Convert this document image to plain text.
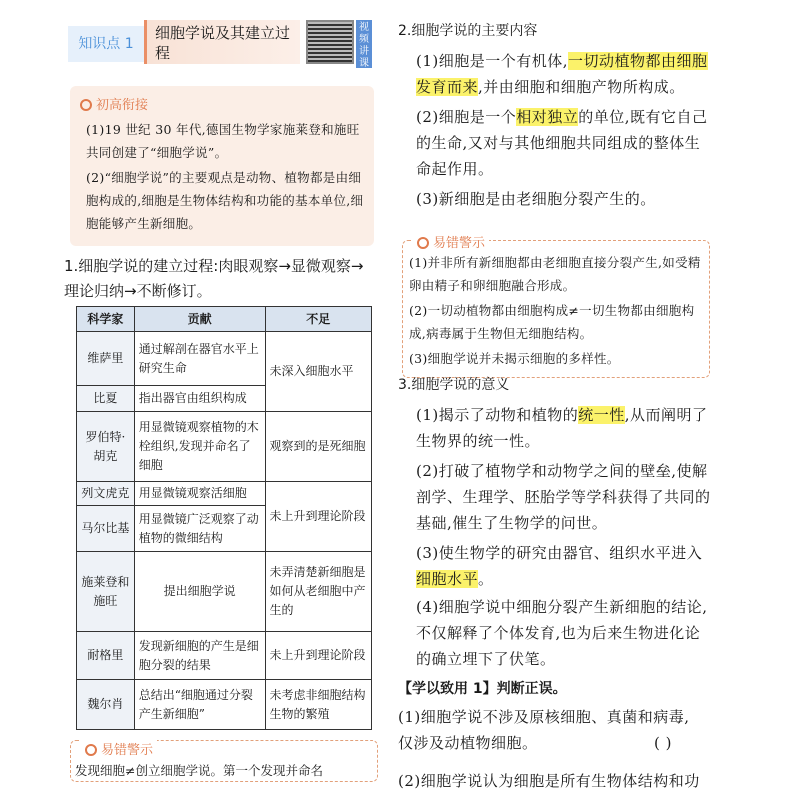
知识点 1
细胞学说及其建立过程
视频讲课
初高衔接
(1)19 世纪 30 年代,德国生物学家施莱登和施旺共同创建了“细胞学说”。
(2)“细胞学说”的主要观点是动物、植物都是由细胞构成的,细胞是生物体结构和功能的基本单位,细胞能够产生新细胞。
1.细胞学说的建立过程:肉眼观察→显微观察→理论归纳→不断修订。
科学家	贡献	不足
维萨里	通过解剖在器官水平上研究生命	未深入细胞水平
比夏	指出器官由组织构成	
罗伯特·胡克	用显微镜观察植物的木栓组织,发现并命名了细胞	观察到的是死细胞
列文虎克	用显微镜观察活细胞	未上升到理论阶段
马尔比基	用显微镜广泛观察了动植物的微细结构	
施莱登和施旺	提出细胞学说	未弄清楚新细胞是如何从老细胞中产生的
耐格里	发现新细胞的产生是细胞分裂的结果	未上升到理论阶段
魏尔肖	总结出“细胞通过分裂产生新细胞”	未考虑非细胞结构生物的繁殖
易错警示
发现细胞≠创立细胞学说。第一个发现并命名
2.细胞学说的主要内容
(1)细胞是一个有机体,一切动植物都由细胞发育而来,并由细胞和细胞产物所构成。
(2)细胞是一个相对独立的单位,既有它自己的生命,又对与其他细胞共同组成的整体生命起作用。
(3)新细胞是由老细胞分裂产生的。
易错警示
(1)并非所有新细胞都由老细胞直接分裂产生,如受精卵由精子和卵细胞融合形成。
(2)一切动植物都由细胞构成≠一切生物都由细胞构成,病毒属于生物但无细胞结构。
(3)细胞学说并未揭示细胞的多样性。
3.细胞学说的意义
(1)揭示了动物和植物的统一性,从而阐明了生物界的统一性。
(2)打破了植物学和动物学之间的壁垒,使解剖学、生理学、胚胎学等学科获得了共同的基础,催生了生物学的问世。
(3)使生物学的研究由器官、组织水平进入细胞水平。
(4)细胞学说中细胞分裂产生新细胞的结论,不仅解释了个体发育,也为后来生物进化论的确立埋下了伏笔。
【学以致用 1】判断正误。
(1)细胞学说不涉及原核细胞、真菌和病毒,仅涉及动植物细胞。	( )
(2)细胞学说认为细胞是所有生物体结构和功
